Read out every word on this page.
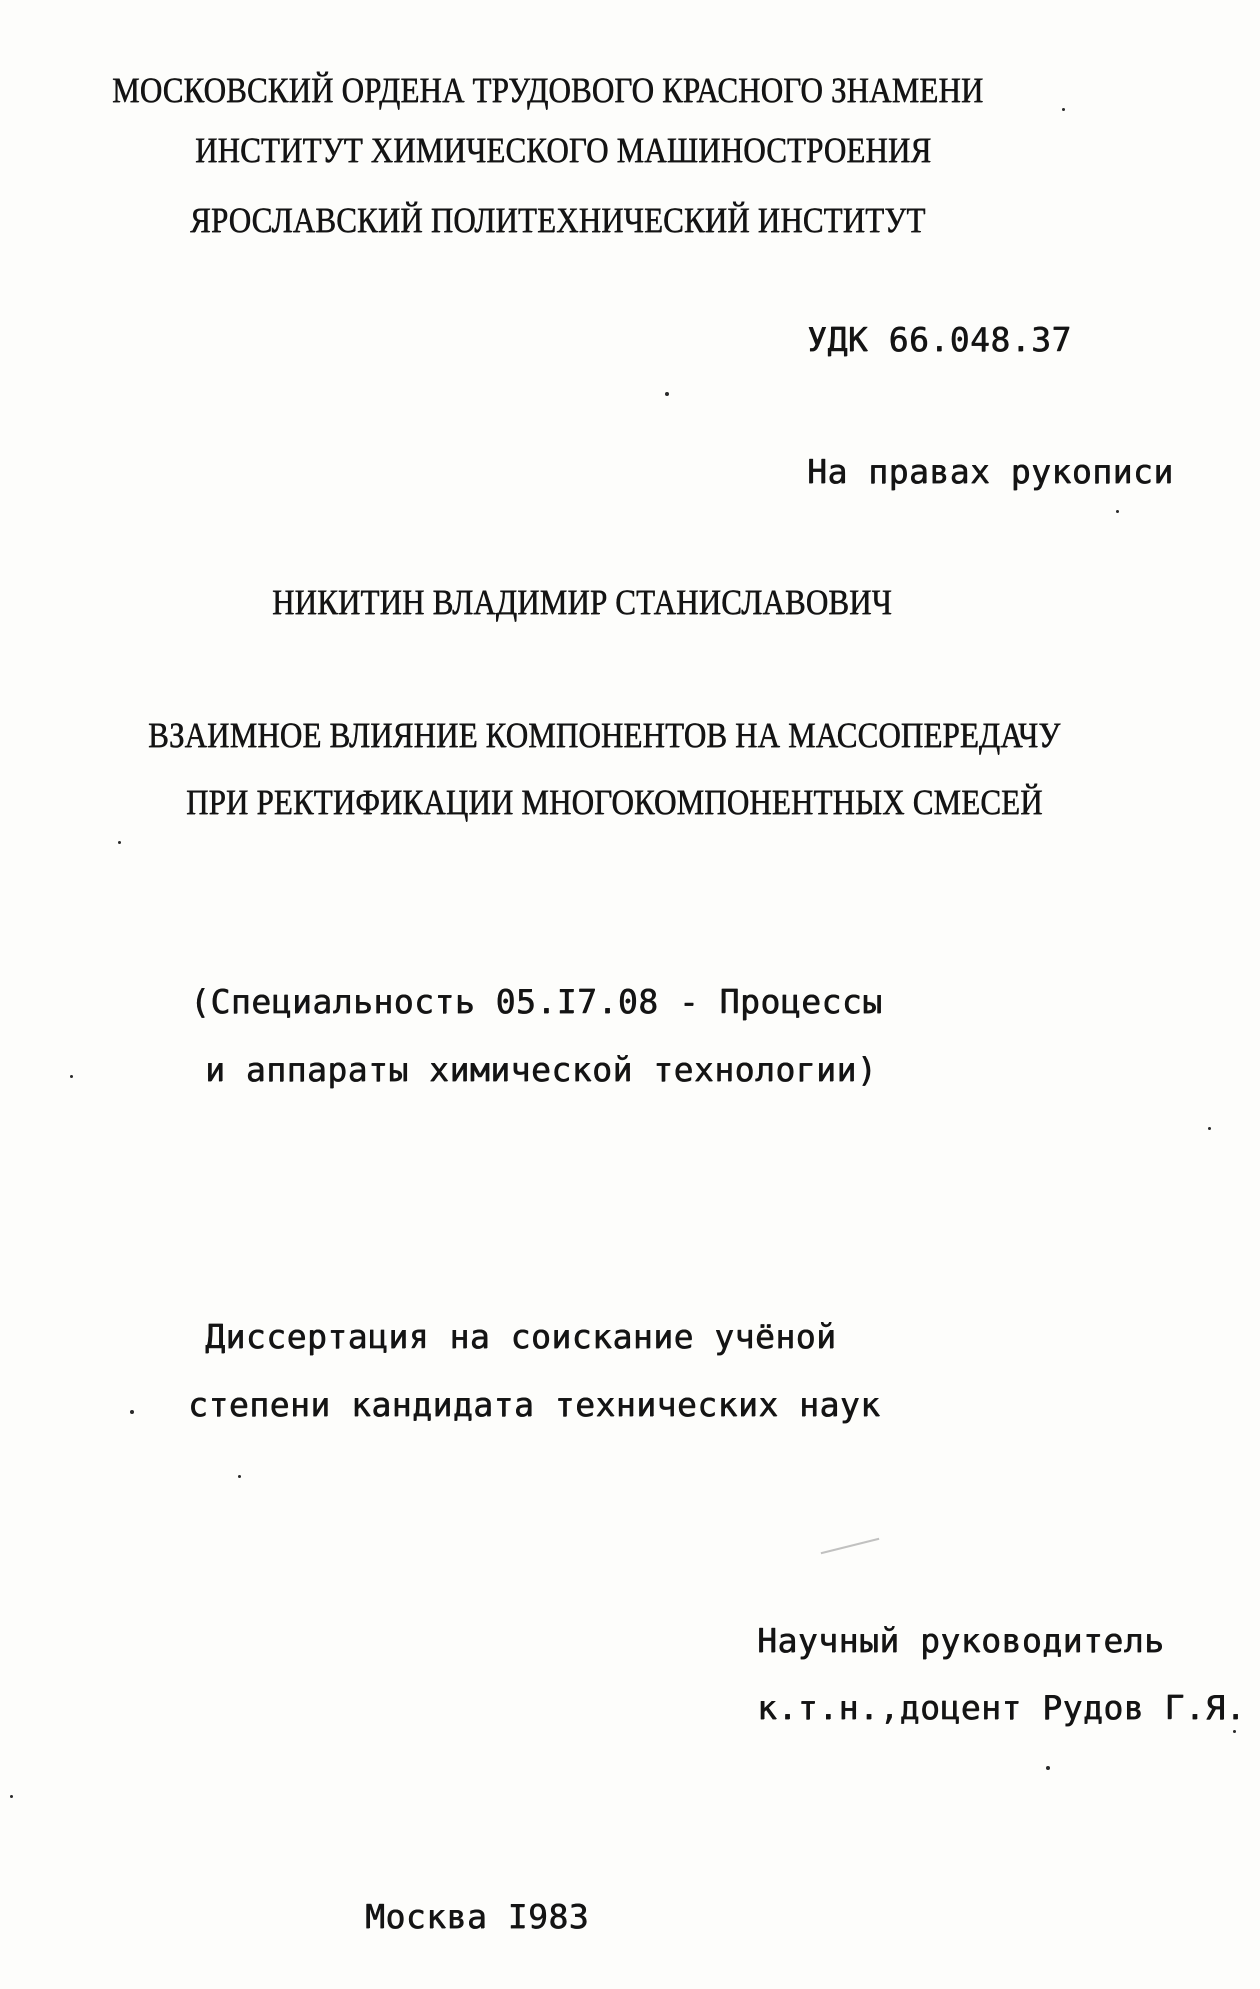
МОСКОВСКИЙ ОРДЕНА ТРУДОВОГО КРАСНОГО ЗНАМЕНИ
ИНСТИТУТ ХИМИЧЕСКОГО МАШИНОСТРОЕНИЯ
ЯРОСЛАВСКИЙ ПОЛИТЕХНИЧЕСКИЙ ИНСТИТУТ
УДК 66.048.37
На правах рукописи
НИКИТИН ВЛАДИМИР СТАНИСЛАВОВИЧ
ВЗАИМНОЕ ВЛИЯНИЕ КОМПОНЕНТОВ НА МАССОПЕРЕДАЧУ
ПРИ РЕКТИФИКАЦИИ МНОГОКОМПОНЕНТНЫХ СМЕСЕЙ
(Специальность 05.I7.08 - Процессы
и аппараты химической технологии)
Диссертация на соискание учёной
степени кандидата технических наук
Научный руководитель
к.т.н.,доцент Рудов Г.Я.
Москва I983
